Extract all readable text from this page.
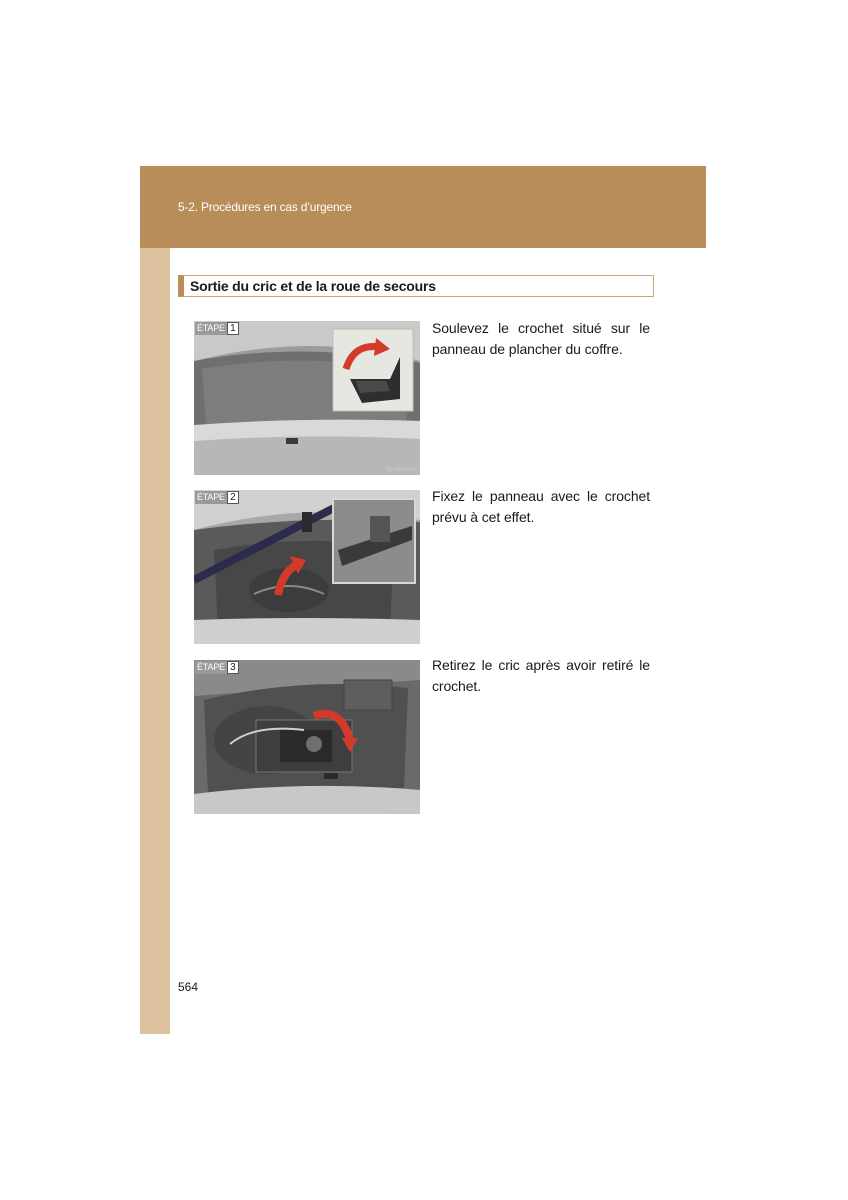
5-2. Procédures en cas d’urgence
Sortie du cric et de la roue de secours
ÉTAPE 1
SLYEDAA046
Soulevez le crochet situé sur le panneau de plancher du coffre.
ÉTAPE 2
SLYEDAA047
Fixez le panneau avec le crochet prévu à cet effet.
ÉTAPE 3
SLYEDAA048
Retirez le cric après avoir retiré le crochet.
564
